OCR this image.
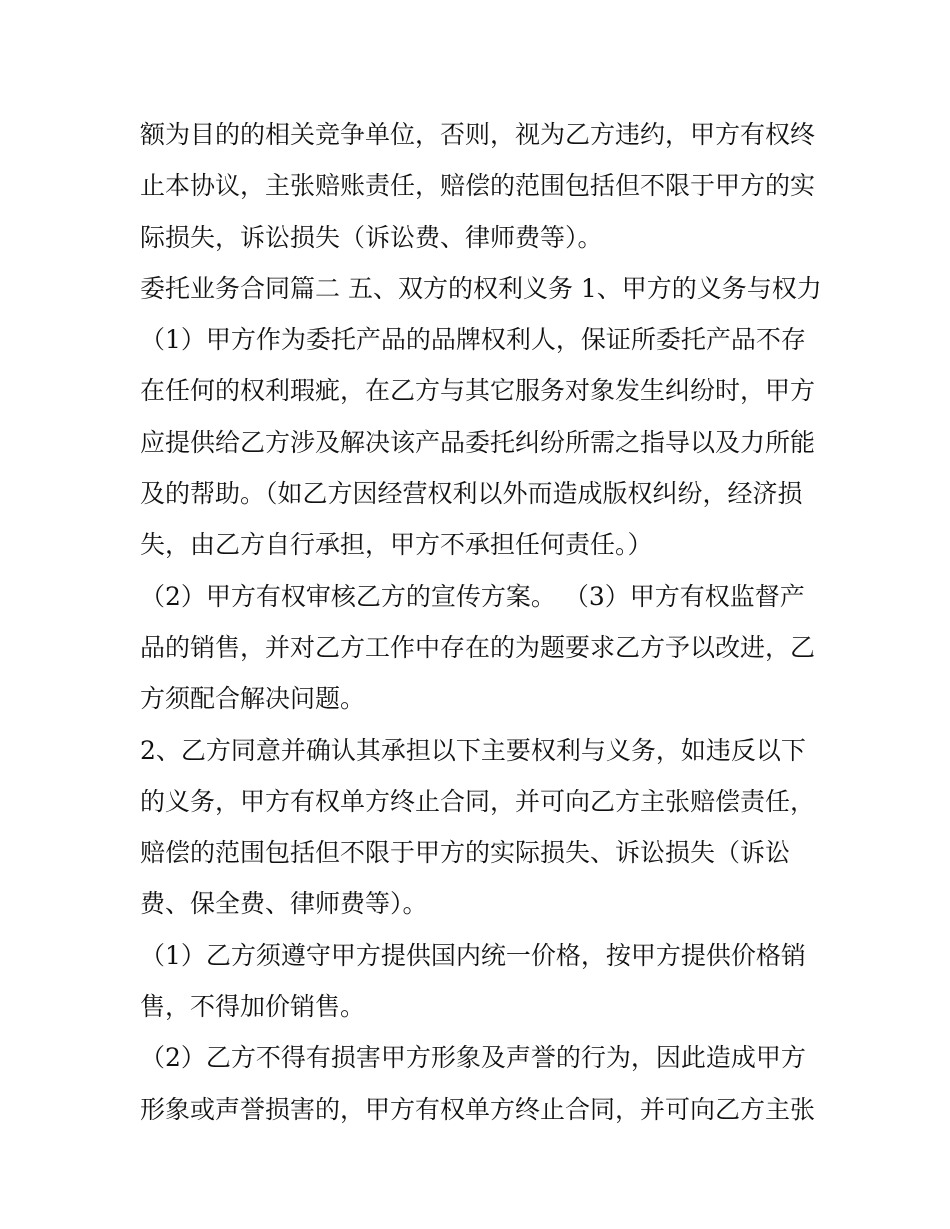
额为目的的相关竞争单位，否则，视为乙方违约，甲方有权终
止本协议，主张赔账责任，赔偿的范围包括但不限于甲方的实
际损失，诉讼损失（诉讼费、律师费等）。
委托业务合同篇二 五、双方的权利义务 1、甲方的义务与权力
（1）甲方作为委托产品的品牌权利人，保证所委托产品不存
在任何的权利瑕疵，在乙方与其它服务对象发生纠纷时，甲方
应提供给乙方涉及解决该产品委托纠纷所需之指导以及力所能
及的帮助。（如乙方因经营权利以外而造成版权纠纷，经济损
失，由乙方自行承担，甲方不承担任何责任。）
（2）甲方有权审核乙方的宣传方案。 （3）甲方有权监督产
品的销售，并对乙方工作中存在的为题要求乙方予以改进，乙
方须配合解决问题。
2、乙方同意并确认其承担以下主要权利与义务，如违反以下
的义务，甲方有权单方终止合同，并可向乙方主张赔偿责任，
赔偿的范围包括但不限于甲方的实际损失、诉讼损失（诉讼
费、保全费、律师费等）。
（1）乙方须遵守甲方提供国内统一价格，按甲方提供价格销
售，不得加价销售。
（2）乙方不得有损害甲方形象及声誉的行为，因此造成甲方
形象或声誉损害的，甲方有权单方终止合同，并可向乙方主张
